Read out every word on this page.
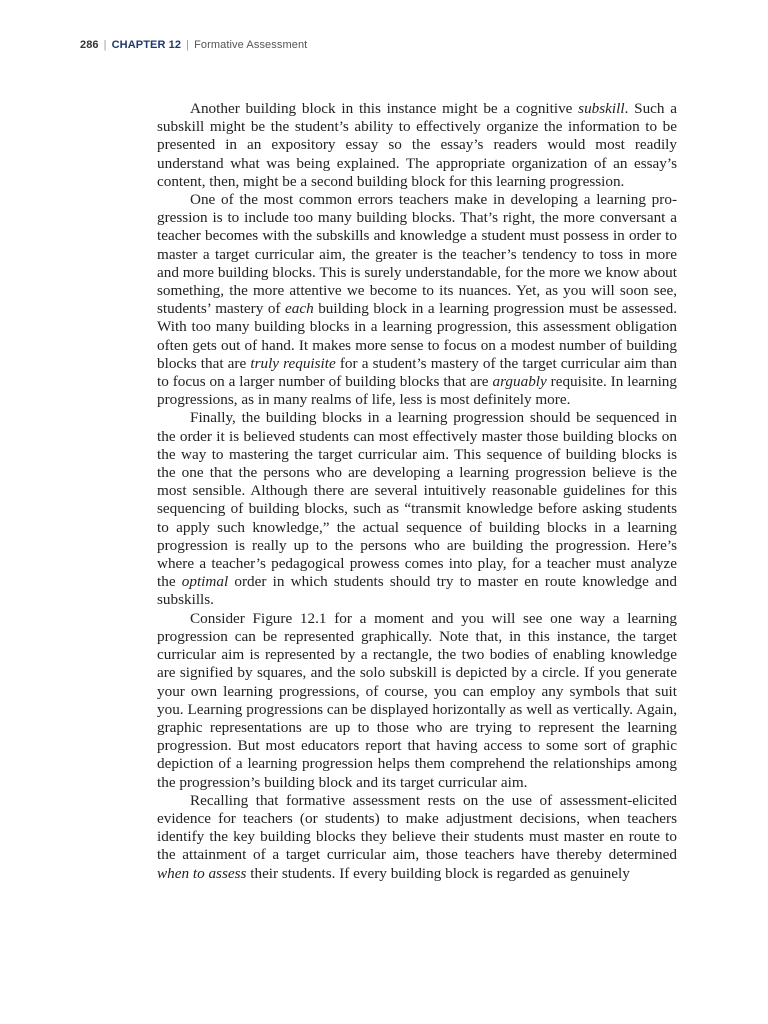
286 | CHAPTER 12 | Formative Assessment

Another building block in this instance might be a cognitive subskill. Such a subskill might be the student’s ability to effectively organize the information to be presented in an expository essay so the essay’s readers would most readily understand what was being explained. The appropriate organization of an essay’s content, then, might be a second building block for this learning progression.

One of the most common errors teachers make in developing a learning progression is to include too many building blocks. That’s right, the more conversant a teacher becomes with the subskills and knowledge a student must possess in order to master a target curricular aim, the greater is the teacher’s tendency to toss in more and more building blocks. This is surely understandable, for the more we know about something, the more attentive we become to its nuances. Yet, as you will soon see, students’ mastery of each building block in a learning progression must be assessed. With too many building blocks in a learning progression, this assessment obligation often gets out of hand. It makes more sense to focus on a modest number of building blocks that are truly requisite for a student’s mastery of the target curricular aim than to focus on a larger number of building blocks that are arguably requisite. In learning progressions, as in many realms of life, less is most definitely more.

Finally, the building blocks in a learning progression should be sequenced in the order it is believed students can most effectively master those building blocks on the way to mastering the target curricular aim. This sequence of building blocks is the one that the persons who are developing a learning progression believe is the most sensible. Although there are several intuitively reasonable guidelines for this sequencing of building blocks, such as “transmit knowledge before asking students to apply such knowledge,” the actual sequence of building blocks in a learning progression is really up to the persons who are building the progression. Here’s where a teacher’s pedagogical prowess comes into play, for a teacher must analyze the optimal order in which students should try to master en route knowledge and subskills.

Consider Figure 12.1 for a moment and you will see one way a learning progression can be represented graphically. Note that, in this instance, the target curricular aim is represented by a rectangle, the two bodies of enabling knowledge are signified by squares, and the solo subskill is depicted by a circle. If you generate your own learning progressions, of course, you can employ any symbols that suit you. Learning progressions can be displayed horizontally as well as vertically. Again, graphic representations are up to those who are trying to represent the learning progression. But most educators report that having access to some sort of graphic depiction of a learning progression helps them comprehend the relationships among the progression’s building block and its target curricular aim.

Recalling that formative assessment rests on the use of assessment-elicited evidence for teachers (or students) to make adjustment decisions, when teachers identify the key building blocks they believe their students must master en route to the attainment of a target curricular aim, those teachers have thereby determined when to assess their students. If every building block is regarded as genuinely
